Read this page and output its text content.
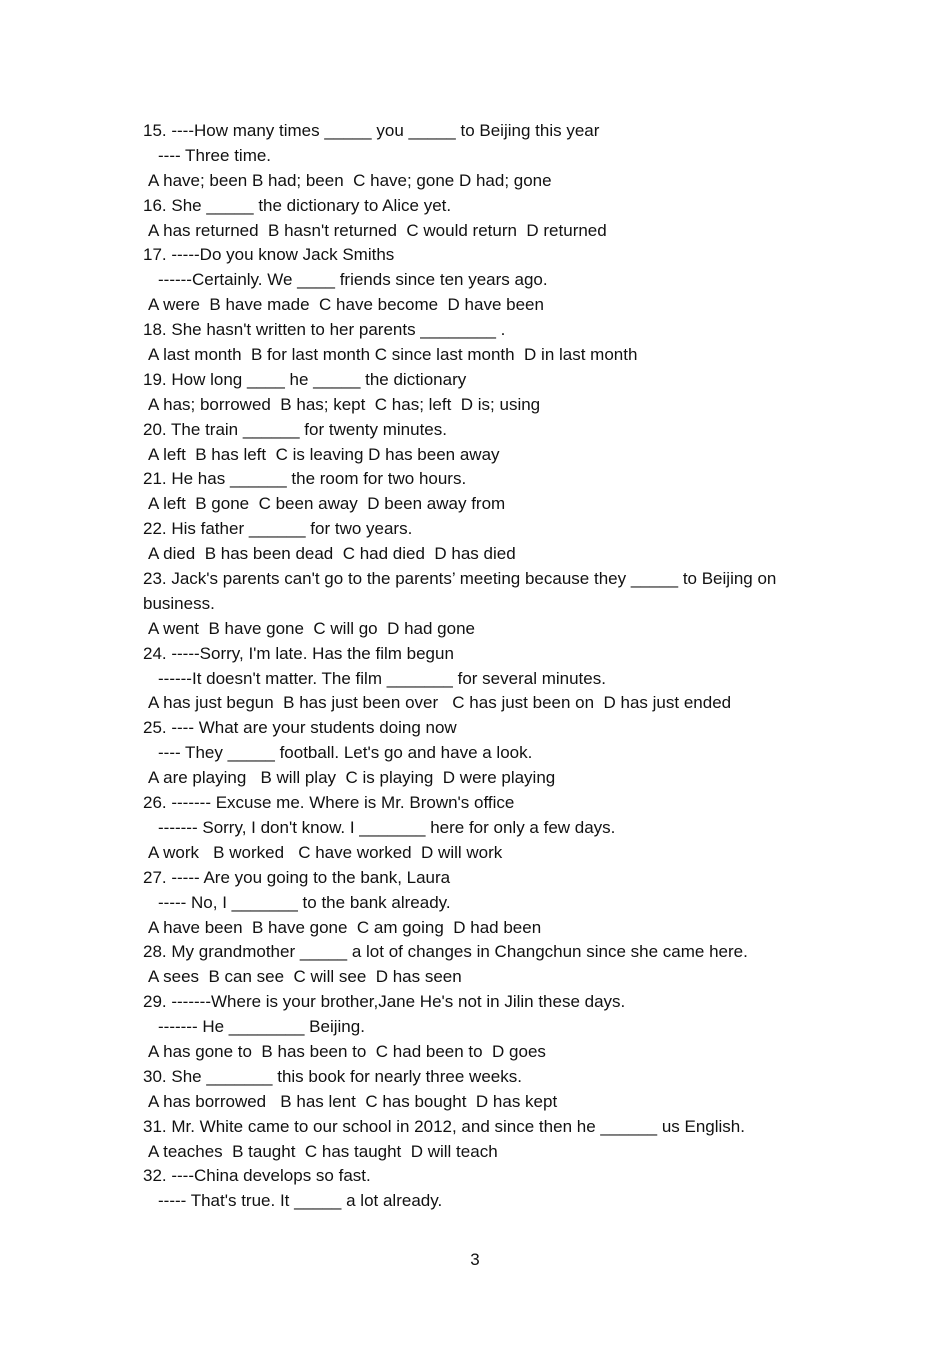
15. ----How many times _____ you _____ to Beijing this year
---- Three time.
A have; been B had; been  C have; gone D had; gone
16. She _____ the dictionary to Alice yet.
A has returned  B hasn't returned  C would return  D returned
17. -----Do you know Jack Smiths
------Certainly. We ____ friends since ten years ago.
A were  B have made  C have become  D have been
18. She hasn't written to her parents ________ .
A last month  B for last month C since last month  D in last month
19. How long ____ he _____ the dictionary
A has; borrowed  B has; kept  C has; left  D is; using
20. The train ______ for twenty minutes.
A left  B has left  C is leaving D has been away
21. He has ______ the room for two hours.
A left  B gone  C been away  D been away from
22. His father ______ for two years.
A died  B has been dead  C had died  D has died
23. Jack's parents can't go to the parents’ meeting because they _____ to Beijing on
business.
A went  B have gone  C will go  D had gone
24. -----Sorry, I'm late. Has the film begun
------It doesn't matter. The film _______ for several minutes.
A has just begun  B has just been over   C has just been on  D has just ended
25. ---- What are your students doing now
---- They _____ football. Let's go and have a look.
A are playing   B will play  C is playing  D were playing
26. ------- Excuse me. Where is Mr. Brown's office
------- Sorry, I don't know. I _______ here for only a few days.
A work   B worked   C have worked  D will work
27. ----- Are you going to the bank, Laura
----- No, I _______ to the bank already.
A have been  B have gone  C am going  D had been
28. My grandmother _____ a lot of changes in Changchun since she came here.
A sees  B can see  C will see  D has seen
29. -------Where is your brother,Jane He's not in Jilin these days.
------- He ________ Beijing.
A has gone to  B has been to  C had been to  D goes
30. She _______ this book for nearly three weeks.
A has borrowed   B has lent  C has bought  D has kept
31. Mr. White came to our school in 2012, and since then he ______ us English.
A teaches  B taught  C has taught  D will teach
32. ----China develops so fast.
----- That's true. It _____ a lot already.
3
